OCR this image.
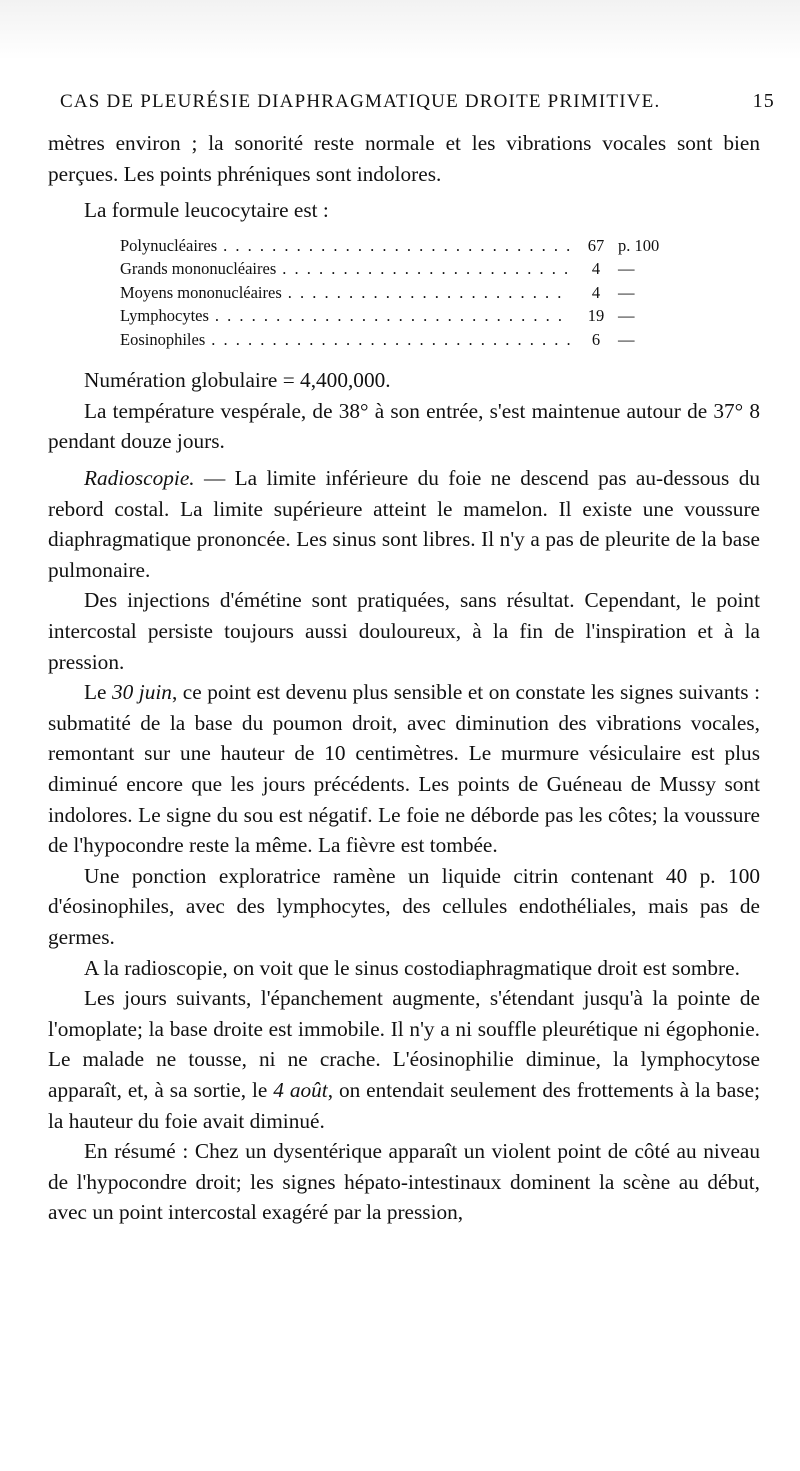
CAS DE PLEURÉSIE DIAPHRAGMATIQUE DROITE PRIMITIVE.	15

mètres environ ; la sonorité reste normale et les vibrations vocales sont bien perçues. Les points phréniques sont indolores.

La formule leucocytaire est :

Polynucléaires . . .	67 p. 100
Grands mononucléaires . . .	4	—
Moyens mononucléaires . . .	4	—
Lymphocytes . . .	19 —
Eosinophiles . . .	6	—

Numération globulaire = 4,400,000.

La température vespérale, de 38° à son entrée, s'est maintenue autour de 37° 8 pendant douze jours.

Radioscopie. — La limite inférieure du foie ne descend pas au-dessous du rebord costal. La limite supérieure atteint le mamelon. Il existe une voussure diaphragmatique prononcée. Les sinus sont libres. Il n'y a pas de pleurite de la base pulmonaire.

Des injections d'émétine sont pratiquées, sans résultat. Cependant, le point intercostal persiste toujours aussi douloureux, à la fin de l'inspiration et à la pression.

Le 30 juin, ce point est devenu plus sensible et on constate les signes suivants : submatité de la base du poumon droit, avec diminution des vibrations vocales, remontant sur une hauteur de 10 centimètres. Le murmure vésiculaire est plus diminué encore que les jours précédents. Les points de Guéneau de Mussy sont indolores. Le signe du sou est négatif. Le foie ne déborde pas les côtes; la voussure de l'hypocondre reste la même. La fièvre est tombée.

Une ponction exploratrice ramène un liquide citrin contenant 40 p. 100 d'éosinophiles, avec des lymphocytes, des cellules endothéliales, mais pas de germes.

A la radioscopie, on voit que le sinus costodiaphragmatique droit est sombre.

Les jours suivants, l'épanchement augmente, s'étendant jusqu'à la pointe de l'omoplate; la base droite est immobile. Il n'y a ni souffle pleurétique ni égophonie. Le malade ne tousse, ni ne crache. L'éosinophilie diminue, la lymphocytose apparaît, et, à sa sortie, le 4 août, on entendait seulement des frottements à la base; la hauteur du foie avait diminué.

En résumé : Chez un dysentérique apparaît un violent point de côté au niveau de l'hypocondre droit; les signes hépato-intestinaux dominent la scène au début, avec un point intercostal exagéré par la pression,
